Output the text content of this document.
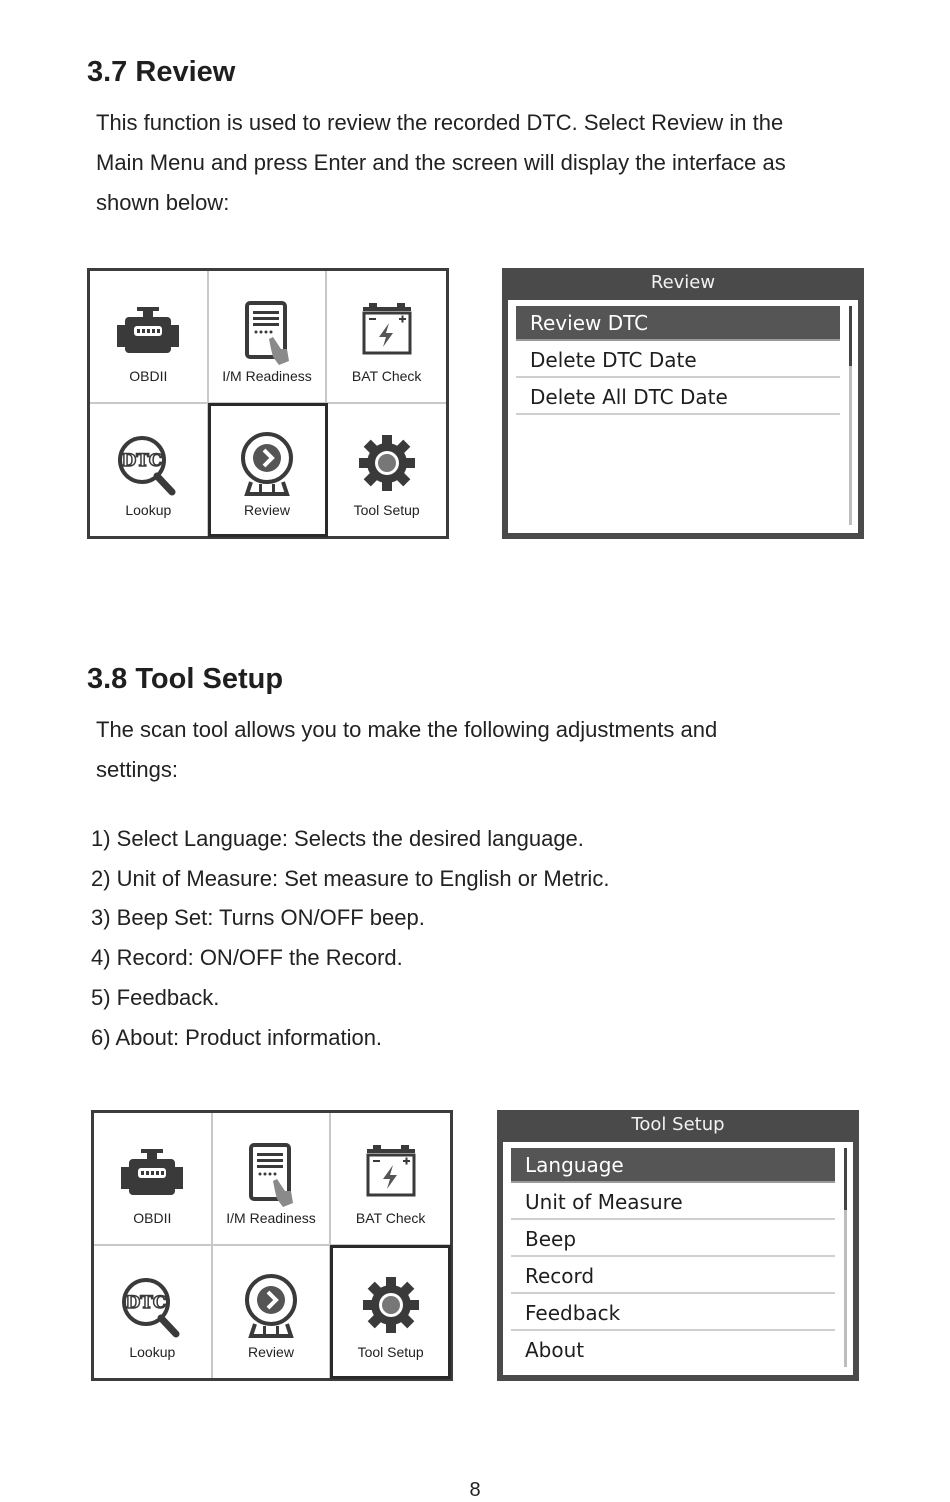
3.7 Review
This function is used to review the recorded DTC. Select Review in the
Main Menu and press Enter and the screen will display the interface as
shown below:
OBDII	I/M Readiness	BAT Check
DTC
Lookup	Review	Tool Setup
Review
Review DTC
Delete DTC Date
Delete All DTC Date
3.8 Tool Setup
The scan tool allows you to make the following adjustments and
settings:
1) Select Language: Selects the desired language.
2) Unit of Measure: Set measure to English or Metric.
3) Beep Set: Turns ON/OFF beep.
4) Record: ON/OFF the Record.
5) Feedback.
6) About: Product information.
OBDII	I/M Readiness	BAT Check
DTC
Lookup	Review	Tool Setup
Tool Setup
Language
Unit of Measure
Beep
Record
Feedback
About
8
